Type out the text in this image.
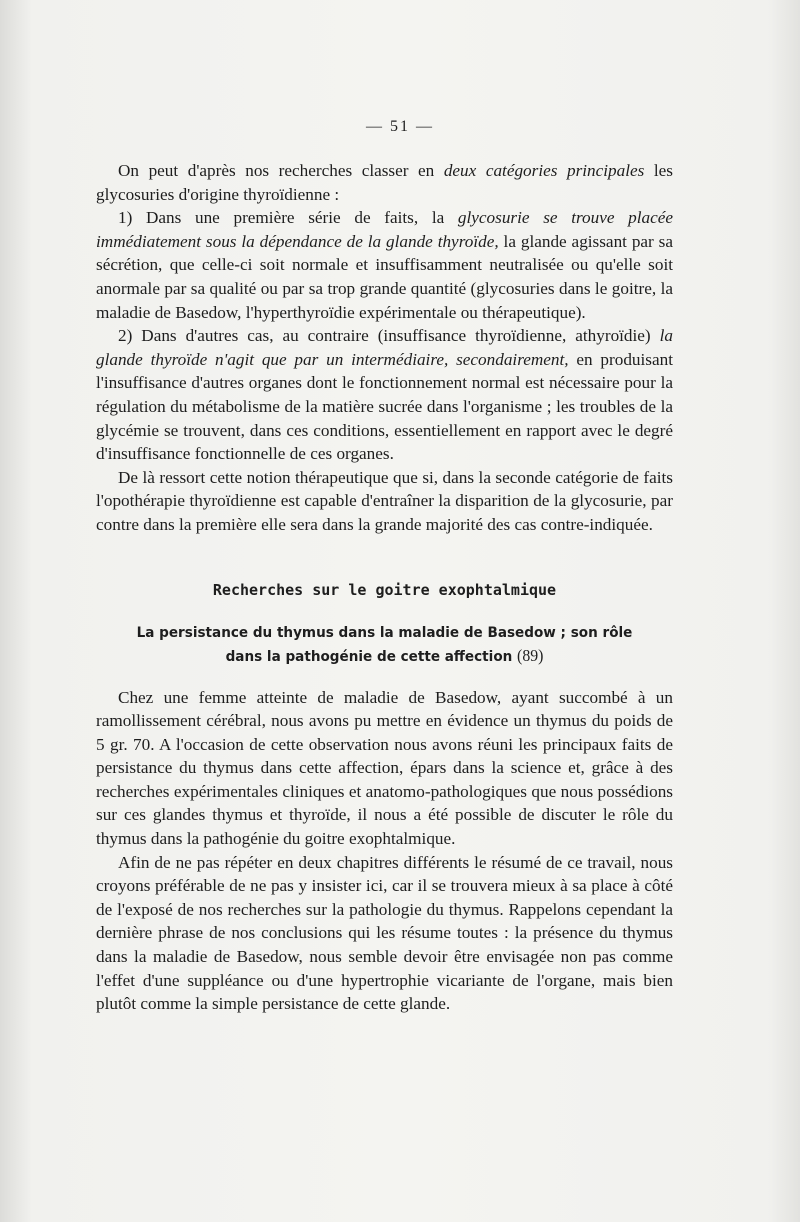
— 51 —

On peut d'après nos recherches classer en deux catégories principales les glycosuries d'origine thyroïdienne :

1) Dans une première série de faits, la glycosurie se trouve placée immédiatement sous la dépendance de la glande thyroïde, la glande agissant par sa sécrétion, que celle-ci soit normale et insuffisamment neutralisée ou qu'elle soit anormale par sa qualité ou par sa trop grande quantité (glycosuries dans le goitre, la maladie de Basedow, l'hyperthyroïdie expérimentale ou thérapeutique).

2) Dans d'autres cas, au contraire (insuffisance thyroïdienne, athyroïdie) la glande thyroïde n'agit que par un intermédiaire, secondairement, en produisant l'insuffisance d'autres organes dont le fonctionnement normal est nécessaire pour la régulation du métabolisme de la matière sucrée dans l'organisme ; les troubles de la glycémie se trouvent, dans ces conditions, essentiellement en rapport avec le degré d'insuffisance fonctionnelle de ces organes.

De là ressort cette notion thérapeutique que si, dans la seconde catégorie de faits l'opothérapie thyroïdienne est capable d'entraîner la disparition de la glycosurie, par contre dans la première elle sera dans la grande majorité des cas contre-indiquée.

Recherches sur le goitre exophtalmique
La persistance du thymus dans la maladie de Basedow ; son rôle dans la pathogénie de cette affection (89)

Chez une femme atteinte de maladie de Basedow, ayant succombé à un ramollissement cérébral, nous avons pu mettre en évidence un thymus du poids de 5 gr. 70. A l'occasion de cette observation nous avons réuni les principaux faits de persistance du thymus dans cette affection, épars dans la science et, grâce à des recherches expérimentales cliniques et anatomo-pathologiques que nous possédions sur ces glandes thymus et thyroïde, il nous a été possible de discuter le rôle du thymus dans la pathogénie du goitre exophtalmique.

Afin de ne pas répéter en deux chapitres différents le résumé de ce travail, nous croyons préférable de ne pas y insister ici, car il se trouvera mieux à sa place à côté de l'exposé de nos recherches sur la pathologie du thymus. Rappelons cependant la dernière phrase de nos conclusions qui les résume toutes : la présence du thymus dans la maladie de Basedow, nous semble devoir être envisagée non pas comme l'effet d'une suppléance ou d'une hypertrophie vicariante de l'organe, mais bien plutôt comme la simple persistance de cette glande.
